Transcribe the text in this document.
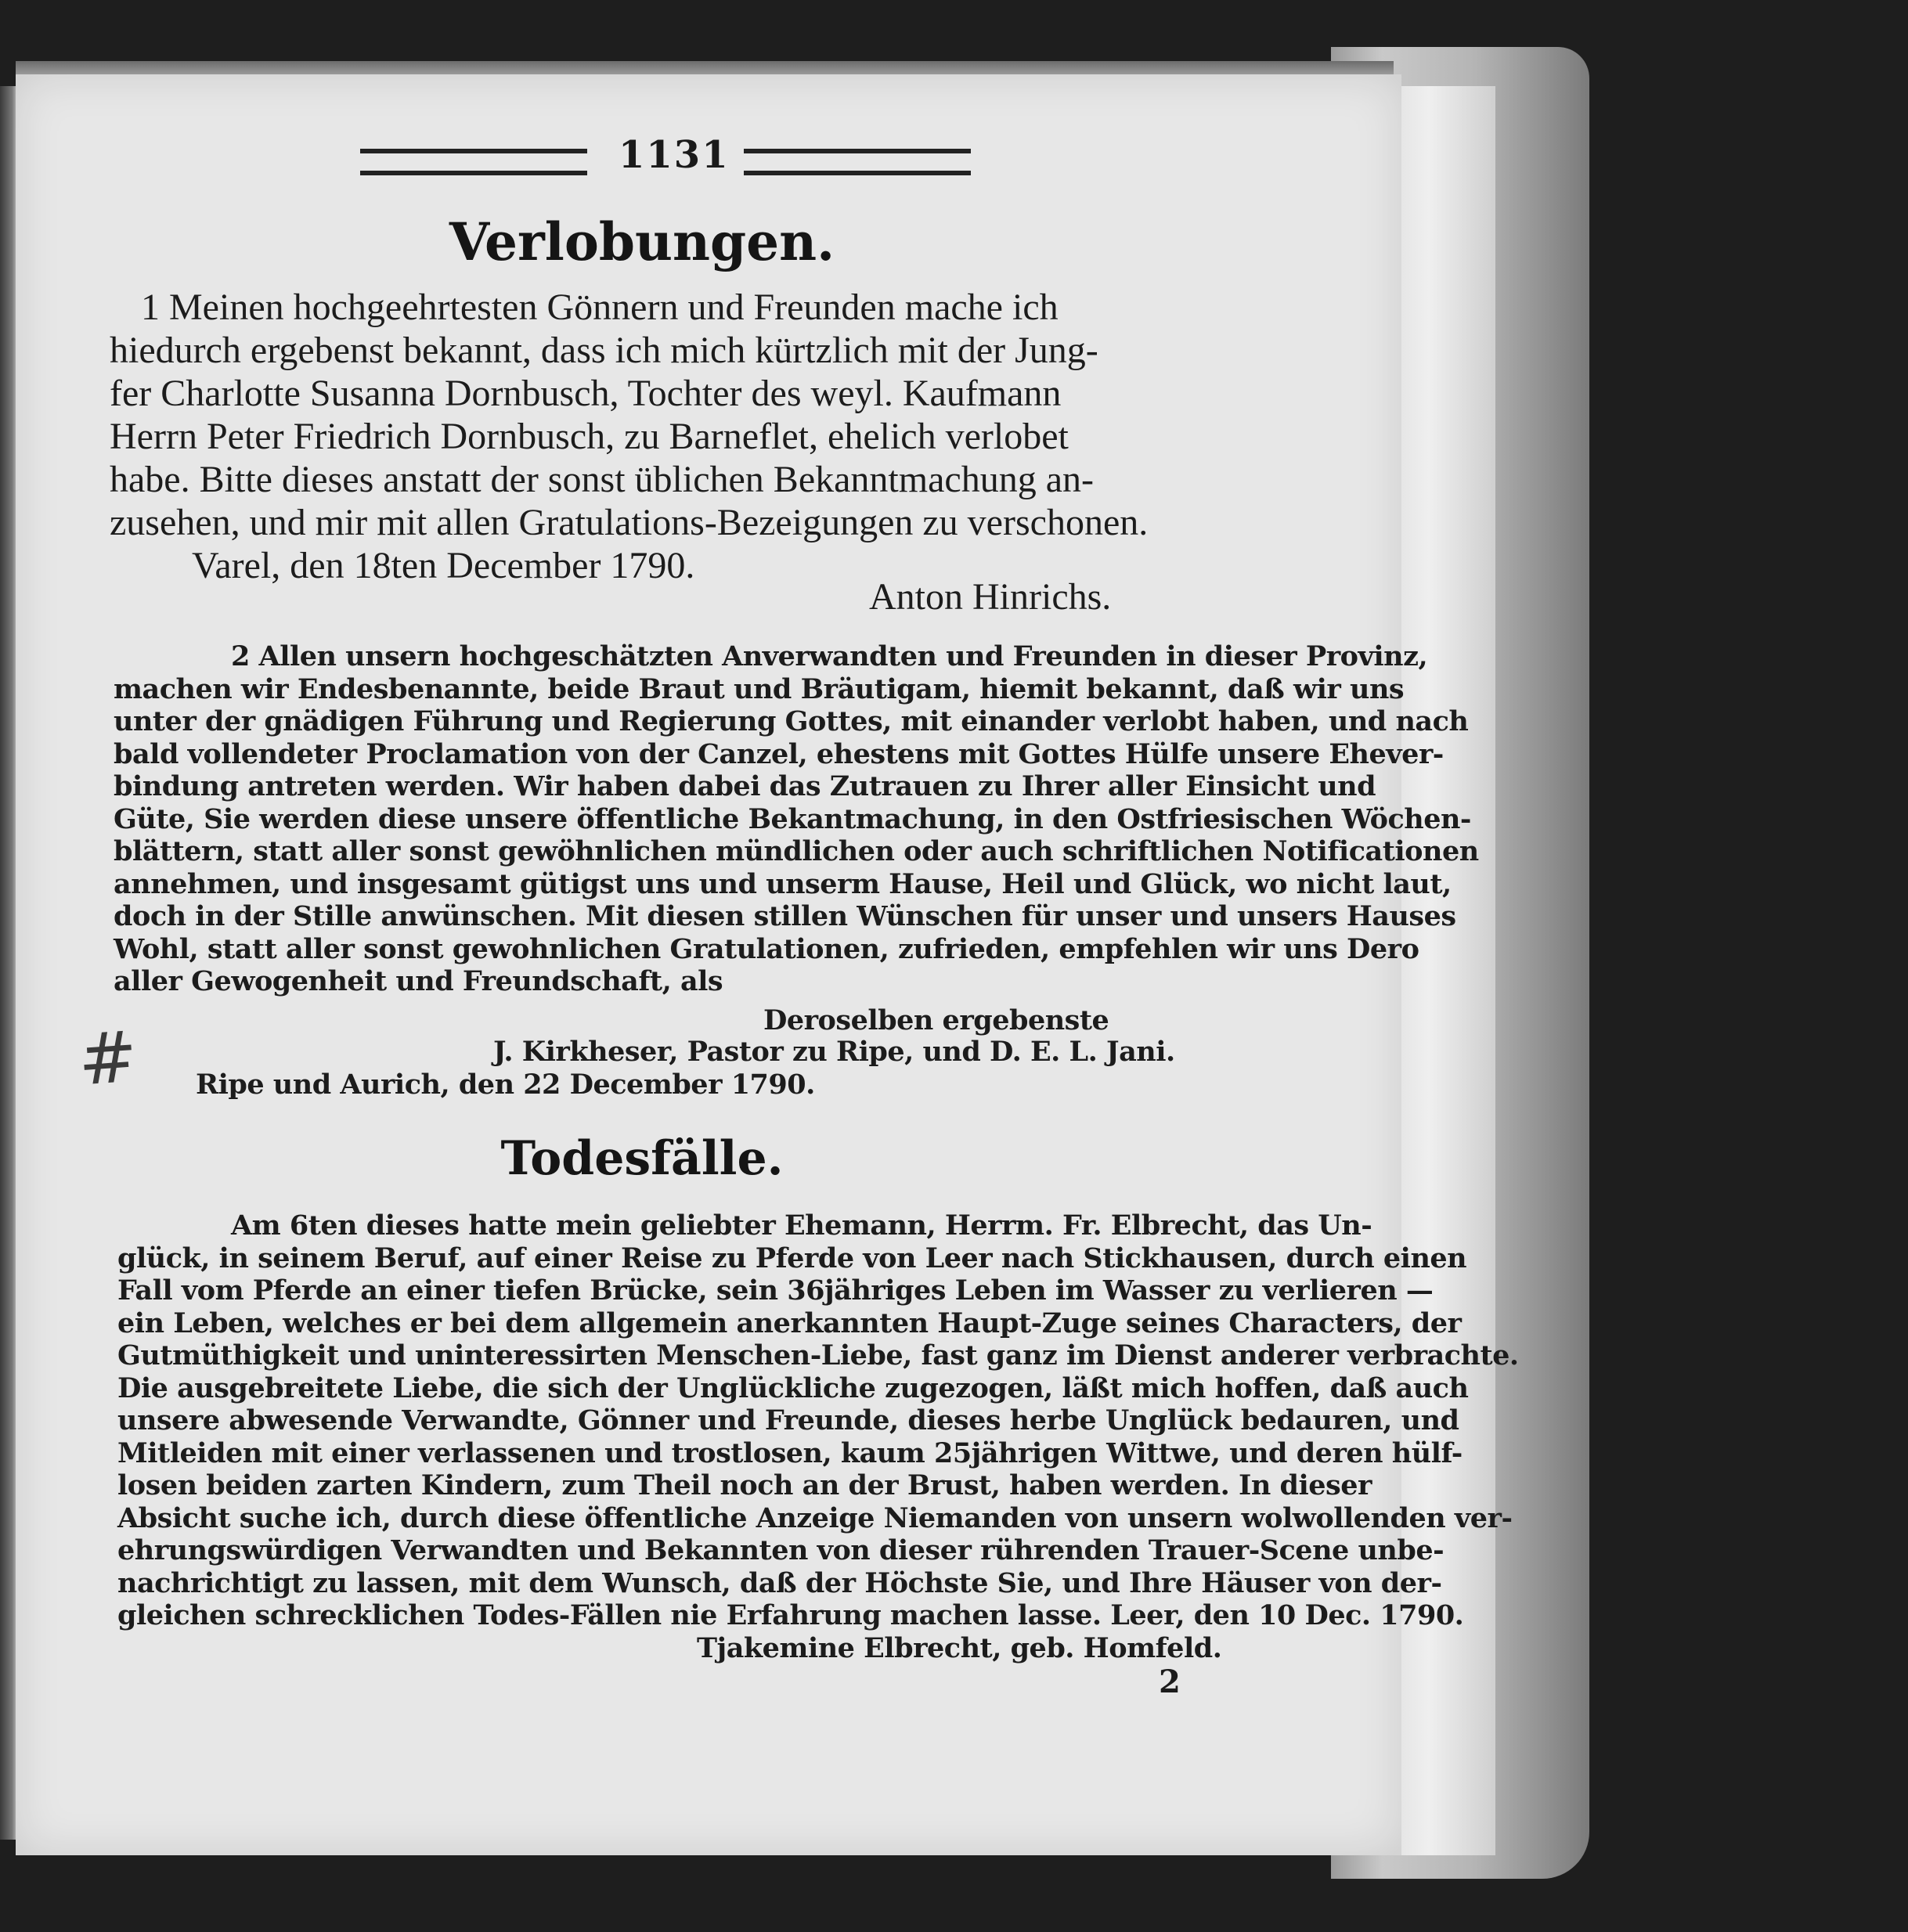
#
1131
Verlobungen.
1 Meinen hochgeehrtesten Gönnern und Freunden mache ich
hiedurch ergebenst bekannt, dass ich mich kürtzlich mit der Jung-
fer Charlotte Susanna Dornbusch, Tochter des weyl. Kaufmann
Herrn Peter Friedrich Dornbusch, zu Barneflet, ehelich verlobet
habe. Bitte dieses anstatt der sonst üblichen Bekanntmachung an-
zusehen, und mir mit allen Gratulations-Bezeigungen zu verschonen.
Varel, den 18ten December 1790.
Anton Hinrichs.
2 Allen unsern hochgeschätzten Anverwandten und Freunden in dieser Provinz,
machen wir Endesbenannte, beide Braut und Bräutigam, hiemit bekannt, daß wir uns
unter der gnädigen Führung und Regierung Gottes, mit einander verlobt haben, und nach
bald vollendeter Proclamation von der Canzel, ehestens mit Gottes Hülfe unsere Ehever-
bindung antreten werden. Wir haben dabei das Zutrauen zu Ihrer aller Einsicht und
Güte, Sie werden diese unsere öffentliche Bekantmachung, in den Ostfriesischen Wöchen-
blättern, statt aller sonst gewöhnlichen mündlichen oder auch schriftlichen Notificationen
annehmen, und insgesamt gütigst uns und unserm Hause, Heil und Glück, wo nicht laut,
doch in der Stille anwünschen. Mit diesen stillen Wünschen für unser und unsers Hauses
Wohl, statt aller sonst gewohnlichen Gratulationen, zufrieden, empfehlen wir uns Dero
aller Gewogenheit und Freundschaft, als
Deroselben ergebenste
J. Kirkheser, Pastor zu Ripe, und D. E. L. Jani.
Ripe und Aurich, den 22 December 1790.
Todesfälle.
Am 6ten dieses hatte mein geliebter Ehemann, Herrm. Fr. Elbrecht, das Un-
glück, in seinem Beruf, auf einer Reise zu Pferde von Leer nach Stickhausen, durch einen
Fall vom Pferde an einer tiefen Brücke, sein 36jähriges Leben im Wasser zu verlieren —
ein Leben, welches er bei dem allgemein anerkannten Haupt-Zuge seines Characters, der
Gutmüthigkeit und uninteressirten Menschen-Liebe, fast ganz im Dienst anderer verbrachte.
Die ausgebreitete Liebe, die sich der Unglückliche zugezogen, läßt mich hoffen, daß auch
unsere abwesende Verwandte, Gönner und Freunde, dieses herbe Unglück bedauren, und
Mitleiden mit einer verlassenen und trostlosen, kaum 25jährigen Wittwe, und deren hülf-
losen beiden zarten Kindern, zum Theil noch an der Brust, haben werden. In dieser
Absicht suche ich, durch diese öffentliche Anzeige Niemanden von unsern wolwollenden ver-
ehrungswürdigen Verwandten und Bekannten von dieser rührenden Trauer-Scene unbe-
nachrichtigt zu lassen, mit dem Wunsch, daß der Höchste Sie, und Ihre Häuser von der-
gleichen schrecklichen Todes-Fällen nie Erfahrung machen lasse. Leer, den 10 Dec. 1790.
Tjakemine Elbrecht, geb. Homfeld.
2
